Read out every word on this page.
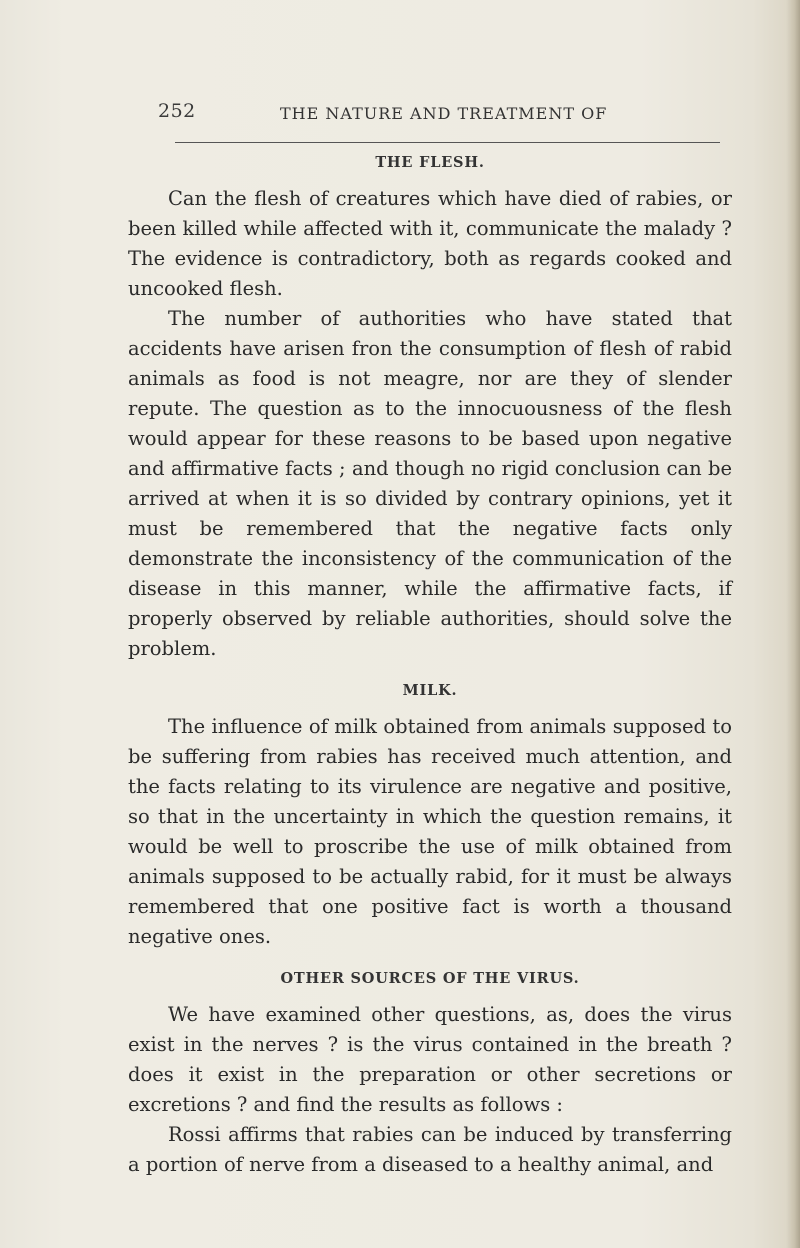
252	THE NATURE AND TREATMENT OF
THE FLESH.

Can the flesh of creatures which have died of rabies, or been killed while affected with it, communicate the malady ? The evidence is contradictory, both as regards cooked and uncooked flesh.

The number of authorities who have stated that accidents have arisen fron the consumption of flesh of rabid animals as food is not meagre, nor are they of slender repute. The question as to the innocuousness of the flesh would appear for these reasons to be based upon negative and affirmative facts ; and though no rigid conclusion can be arrived at when it is so divided by contrary opinions, yet it must be remembered that the negative facts only demonstrate the inconsistency of the communication of the disease in this manner, while the affirmative facts, if properly observed by reliable authorities, should solve the problem.

MILK.

The influence of milk obtained from animals supposed to be suffering from rabies has received much attention, and the facts relating to its virulence are negative and positive, so that in the uncertainty in which the question remains, it would be well to proscribe the use of milk obtained from animals supposed to be actually rabid, for it must be always remembered that one positive fact is worth a thousand negative ones.

OTHER SOURCES OF THE VIRUS.

We have examined other questions, as, does the virus exist in the nerves ? is the virus contained in the breath ? does it exist in the preparation or other secretions or excretions ? and find the results as follows :

Rossi affirms that rabies can be induced by transferring a portion of nerve from a diseased to a healthy animal, and
